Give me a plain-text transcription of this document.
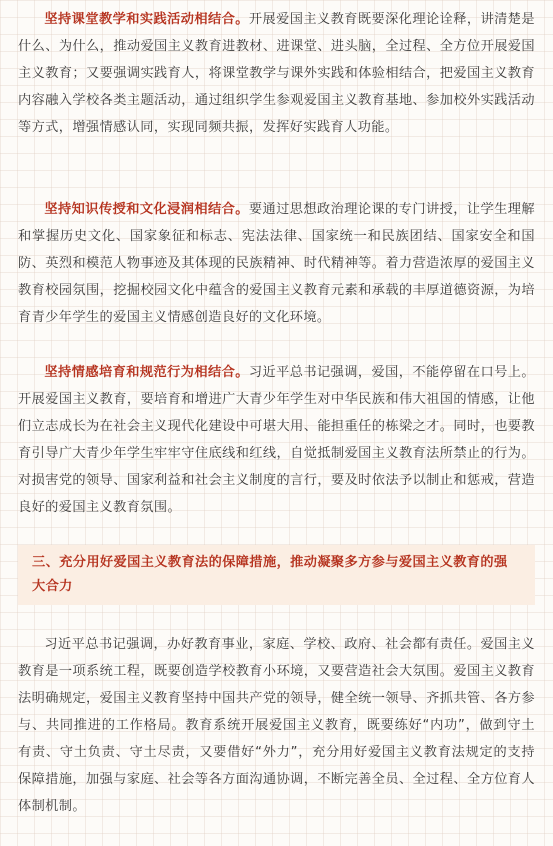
坚持课堂教学和实践活动相结合。开展爱国主义教育既要深化理论诠释，讲清楚是什么、为什么，推动爱国主义教育进教材、进课堂、进头脑，全过程、全方位开展爱国主义教育；又要强调实践育人，将课堂教学与课外实践和体验相结合，把爱国主义教育内容融入学校各类主题活动，通过组织学生参观爱国主义教育基地、参加校外实践活动等方式，增强情感认同，实现同频共振，发挥好实践育人功能。

坚持知识传授和文化浸润相结合。要通过思想政治理论课的专门讲授，让学生理解和掌握历史文化、国家象征和标志、宪法法律、国家统一和民族团结、国家安全和国防、英烈和模范人物事迹及其体现的民族精神、时代精神等。着力营造浓厚的爱国主义教育校园氛围，挖掘校园文化中蕴含的爱国主义教育元素和承载的丰厚道德资源，为培育青少年学生的爱国主义情感创造良好的文化环境。

坚持情感培育和规范行为相结合。习近平总书记强调，爱国，不能停留在口号上。开展爱国主义教育，要培育和增进广大青少年学生对中华民族和伟大祖国的情感，让他们立志成长为在社会主义现代化建设中可堪大用、能担重任的栋梁之才。同时，也要教育引导广大青少年学生牢牢守住底线和红线，自觉抵制爱国主义教育法所禁止的行为。对损害党的领导、国家利益和社会主义制度的言行，要及时依法予以制止和惩戒，营造良好的爱国主义教育氛围。

三、充分用好爱国主义教育法的保障措施，推动凝聚多方参与爱国主义教育的强大合力

习近平总书记强调，办好教育事业，家庭、学校、政府、社会都有责任。爱国主义教育是一项系统工程，既要创造学校教育小环境，又要营造社会大氛围。爱国主义教育法明确规定，爱国主义教育坚持中国共产党的领导，健全统一领导、齐抓共管、各方参与、共同推进的工作格局。教育系统开展爱国主义教育，既要练好“内功”，做到守土有责、守土负责、守土尽责，又要借好“外力”，充分用好爱国主义教育法规定的支持保障措施，加强与家庭、社会等各方面沟通协调，不断完善全员、全过程、全方位育人体制机制。
